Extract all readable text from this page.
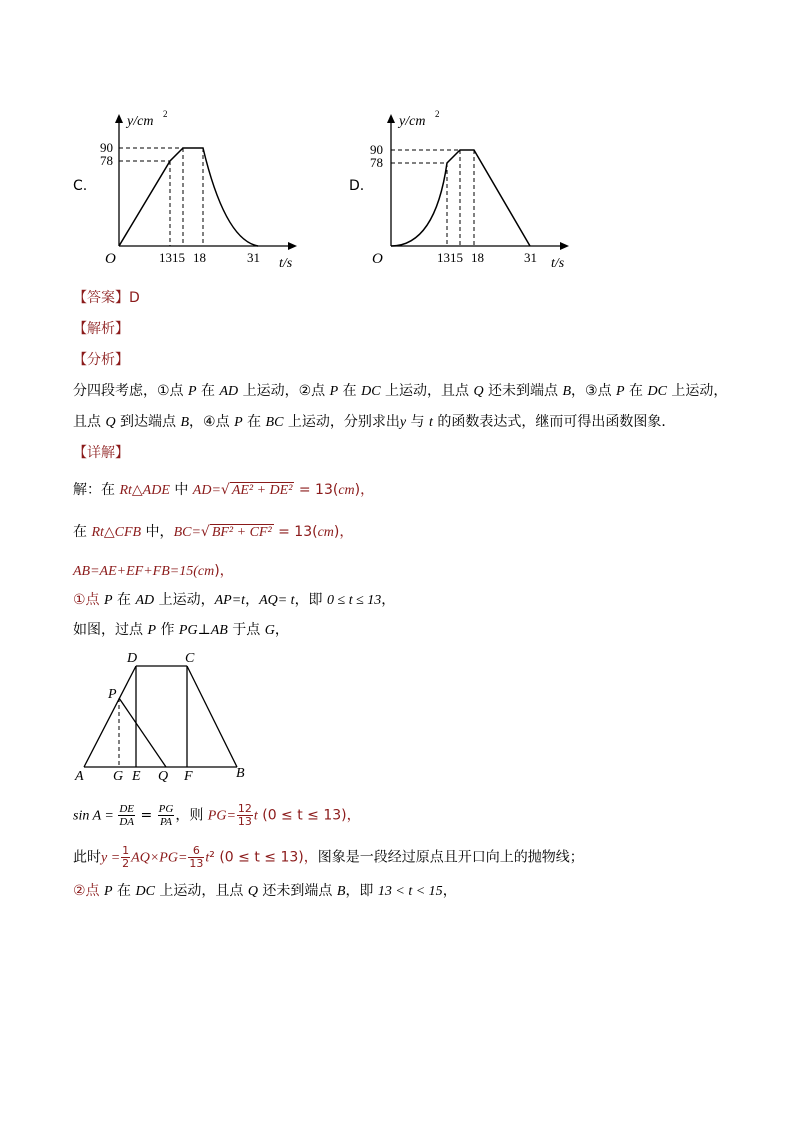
C.
y/cm 2
t/s
O
90
78
1315 18	31
D.
y/cm 2
t/s
O
90
78
1315 18	31
【答案】D
【解析】
【分析】
分四段考虑，①点 P 在 AD 上运动，②点 P 在 DC 上运动，且点 Q 还未到端点 B，③点 P 在 DC 上运动，
且点 Q 到达端点 B，④点 P 在 BC 上运动，分别求出y 与 t 的函数表达式，继而可得出函数图象．
【详解】
解：在 Rt△ADE 中 AD=√ AE² + DE² = 13(cm)，
在 Rt△CFB 中，BC=√ BF² + CF² = 13(cm)，
AB=AE+EF+FB=15(cm)，
①点 P 在 AD 上运动，AP=t，AQ= t，即 0 ≤ t ≤ 13，
如图，过点 P 作 PG⊥AB 于点 G，
D	C
P
A G E Q F	B
$\sin A = \frac{DE}{DA} = \frac{PG}{PA}$ ，则 $PG= \frac{12}{13}$ t (0 ≤ t ≤ 13)，
此时$y = \frac{1}{2} AQ\times PG= \frac{6}{13} t^2$ (0 ≤ t ≤ 13)，图象是一段经过原点且开口向上的抛物线；
②点 P 在 DC 上运动，且点 Q 还未到端点 B，即 13 < t < 15，
